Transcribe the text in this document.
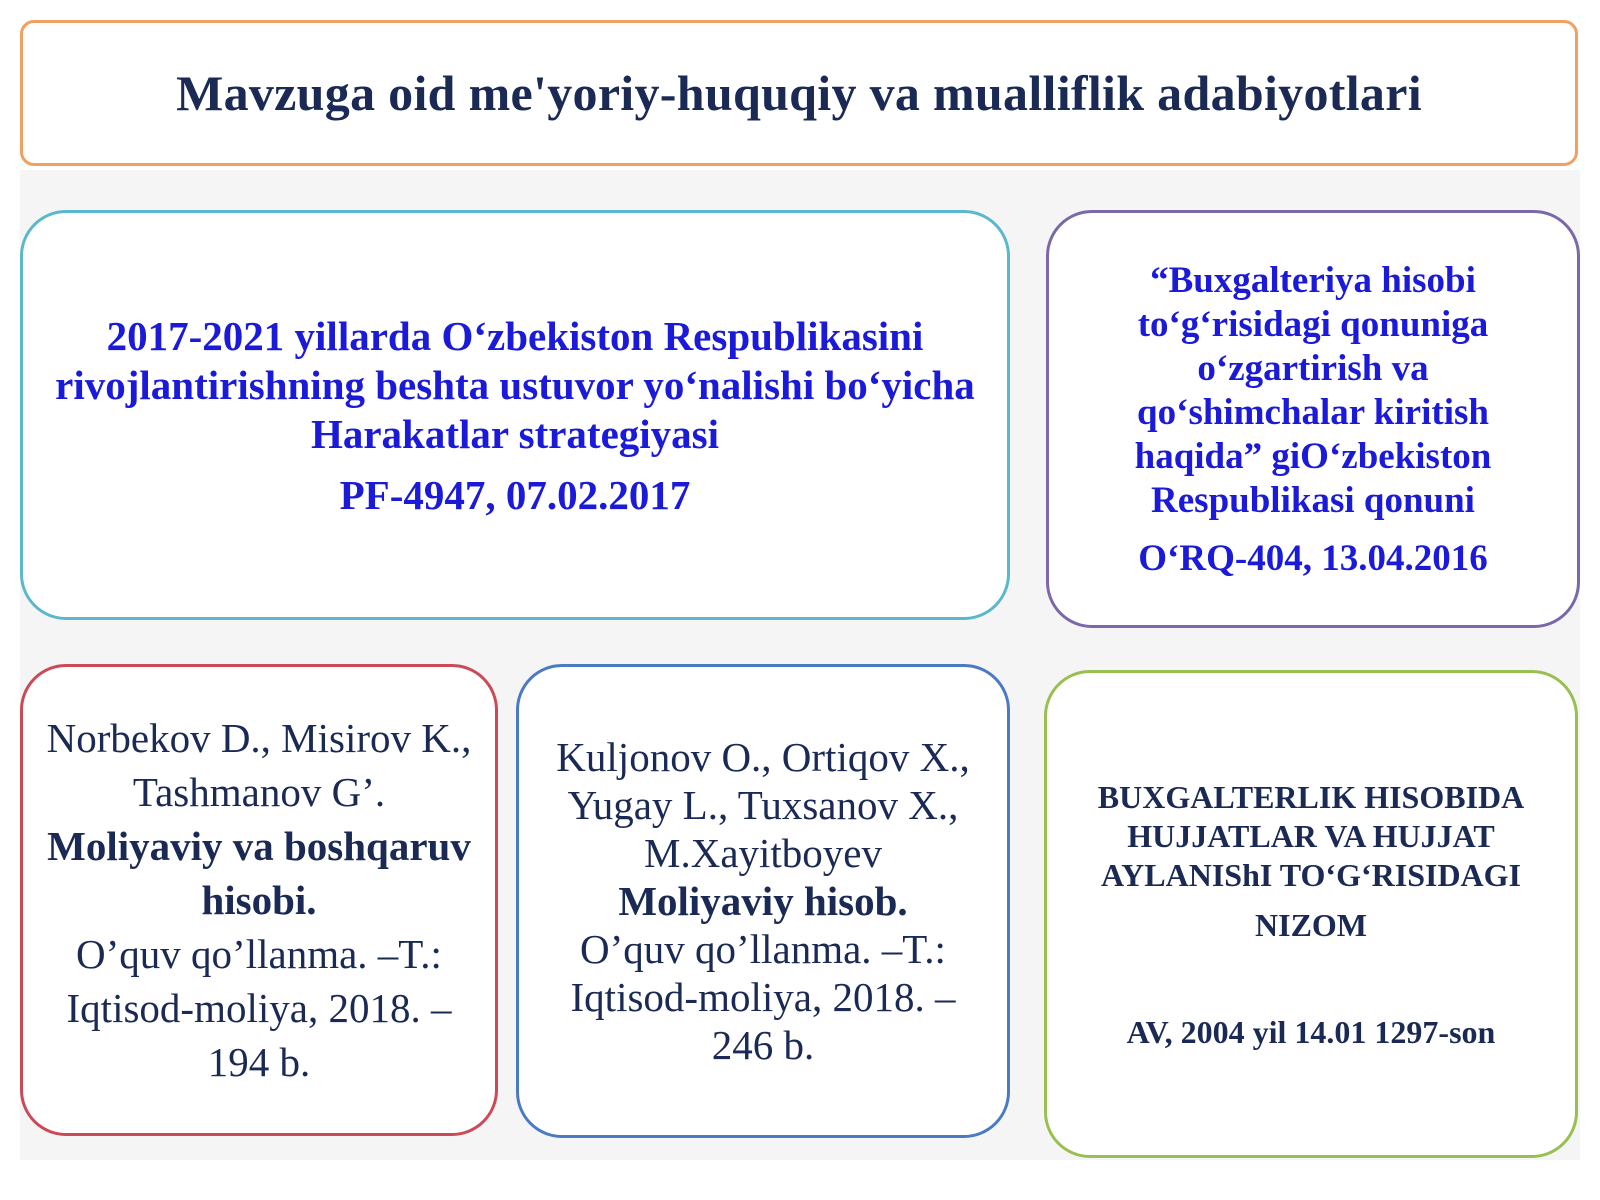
Mavzuga oid me'yoriy-huquqiy va mualliflik adabiyotlari
2017-2021 yillarda O‘zbekiston Respublikasini rivojlantirishning beshta ustuvor yo‘nalishi bo‘yicha Harakatlar strategiyasi
PF-4947, 07.02.2017
“Buxgalteriya hisobi to‘g‘risidagi qonuniga o‘zgartirish va qo‘shimchalar kiritish haqida” giO‘zbekiston Respublikasi qonuni
O‘RQ-404, 13.04.2016
Norbekov D., Misirov K., Tashmanov G’.
Moliyaviy va boshqaruv hisobi.
O’quv qo’llanma. –T.: Iqtisod-moliya, 2018. – 194 b.
Kuljonov O., Ortiqov X., Yugay L., Tuxsanov X., M.Xayitboyev
Moliyaviy hisob.
O’quv qo’llanma. –T.: Iqtisod-moliya, 2018. – 246 b.
BUXGALTERLIK HISOBIDA HUJJATLAR VA HUJJAT AYLANIShI TO‘G‘RISIDAGI
NIZOM
AV, 2004 yil 14.01 1297-son
